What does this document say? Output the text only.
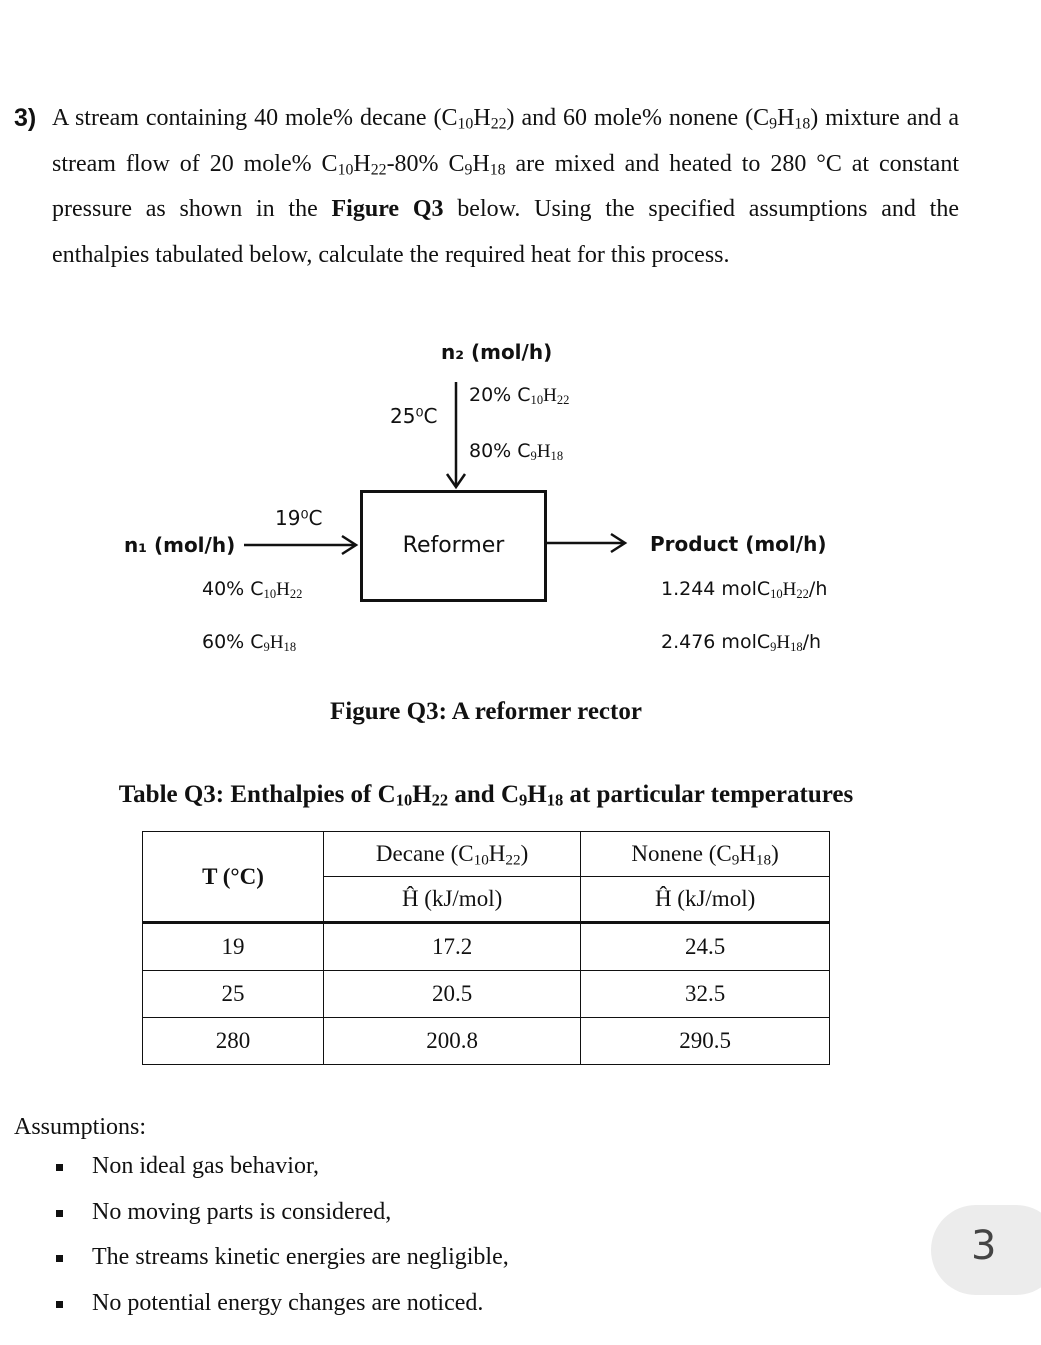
3) A stream containing 40 mole% decane $(C_{10}H_{22})$ and 60 mole% nonene $(C_9H_{18})$ mixture and a stream flow of 20 mole% $C_{10}H_{22}-80\%$ $C_9H_{18}$ are mixed and heated to 280 °C at constant pressure as shown in the Figure Q3 below. Using the specified assumptions and the enthalpies tabulated below, calculate the required heat for this process.
n₂ (mol/h)
25⁰C
20% $C_{10}H_{22}$
80% $C_9H_{18}$
n₁ (mol/h)
19⁰C
40% $C_{10}H_{22}$
60% $C_9H_{18}$
Reformer	Product (mol/h)
1.244 $molC_{10}H_{22}/h$
2.476 $molC_9H_{18}/h$
Figure Q3: A reformer rector
Table Q3: Enthalpies of $C_{10}H_{22}$ and $C_9H_{18}$ at particular temperatures
T (°C)	Decane $(C_{10}H_{22})$	Nonene $(C_9H_{18})$
	Ĥ (kJ/mol)	Ĥ (kJ/mol)
19	17.2	24.5
25	20.5	32.5
280	200.8	290.5
Assumptions:
Non ideal gas behavior,
No moving parts is considered,
The streams kinetic energies are negligible,
No potential energy changes are noticed.
3
